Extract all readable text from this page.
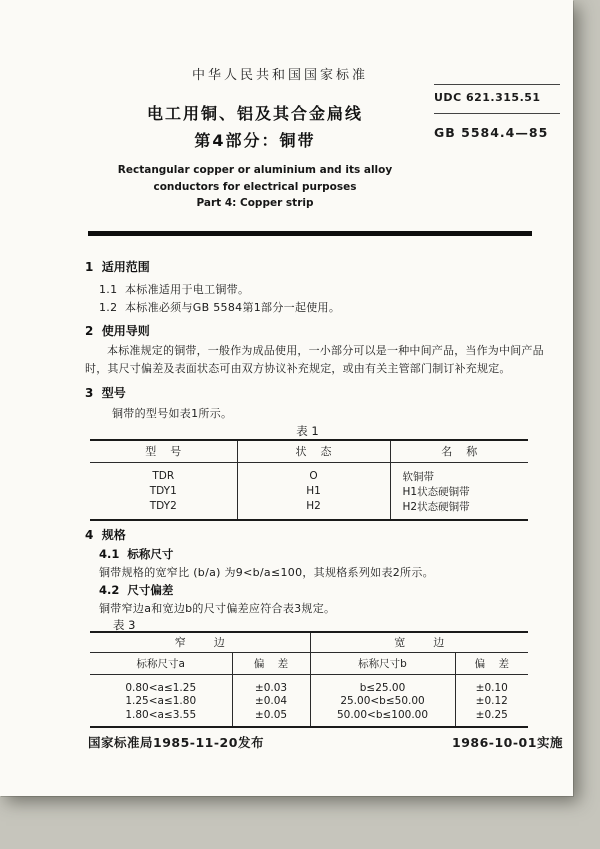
中华人民共和国国家标准
电工用铜、铝及其合金扁线
第4部分：铜带
UDC 621.315.51
GB 5584.4—85
Rectangular copper or aluminium and its alloy
conductors for electrical purposes
Part 4: Copper strip
1  适用范围
1.1  本标准适用于电工铜带。
1.2  本标准必须与GB 5584第1部分一起使用。
2  使用导则
本标准规定的铜带，一般作为成品使用，一小部分可以是一种中间产品，当作为中间产品时，其尺寸偏差及表面状态可由双方协议补充规定，或由有关主管部门制订补充规定。
3  型号
铜带的型号如表1所示。
表 1
型    号	状    态	名    称
TDR	O	软铜带
TDY1	H1	H1状态硬铜带
TDY2	H2	H2状态硬铜带
4  规格
4.1  标称尺寸
铜带规格的宽窄比 (b/a) 为9<b/a≤100，其规格系列如表2所示。
4.2  尺寸偏差
铜带窄边a和宽边b的尺寸偏差应符合表3规定。
表 3
窄        边		宽        边	
标称尺寸a	偏    差	标称尺寸b	偏    差
0.80<a≤1.25	±0.03	b≤25.00	±0.10
1.25<a≤1.80	±0.04	25.00<b≤50.00	±0.12
1.80<a≤3.55	±0.05	50.00<b≤100.00	±0.25
国家标准局1985-11-20发布	1986-10-01实施
